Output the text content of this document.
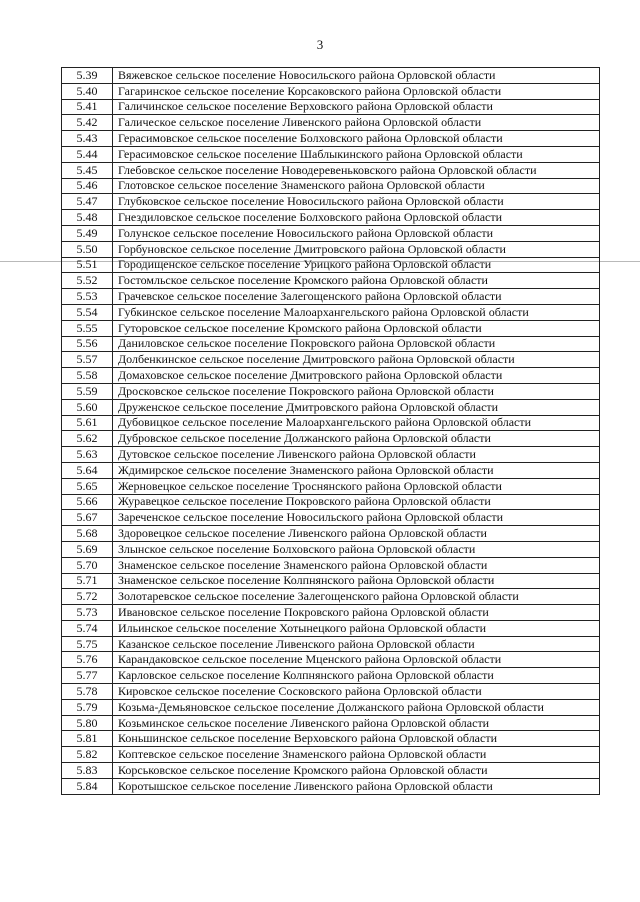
3
5.39	Вяжевское сельское поселение Новосильского района Орловской области
5.40	Гагаринское сельское поселение Корсаковского района Орловской области
5.41	Галичинское сельское поселение Верховского района Орловской области
5.42	Галическое сельское поселение Ливенского района Орловской области
5.43	Герасимовское сельское поселение Болховского района Орловской области
5.44	Герасимовское сельское поселение Шаблыкинского района Орловской области
5.45	Глебовское сельское поселение Новодеревеньковского района Орловской области
5.46	Глотовское сельское поселение Знаменского района Орловской области
5.47	Глубковское сельское поселение Новосильского района Орловской области
5.48	Гнездиловское сельское поселение Болховского района Орловской области
5.49	Голунское сельское поселение Новосильского района Орловской области
5.50	Горбуновское сельское поселение Дмитровского района Орловской области
5.51	Городищенское сельское поселение Урицкого района Орловской области
5.52	Гостомльское сельское поселение Кромского района Орловской области
5.53	Грачевское сельское поселение Залегощенского района Орловской области
5.54	Губкинское сельское поселение Малоархангельского района Орловской области
5.55	Гуторовское сельское поселение Кромского района Орловской области
5.56	Даниловское сельское поселение Покровского района Орловской области
5.57	Долбенкинское сельское поселение Дмитровского района Орловской области
5.58	Домаховское сельское поселение Дмитровского района Орловской области
5.59	Дросковское сельское поселение Покровского района Орловской области
5.60	Друженское сельское поселение Дмитровского района Орловской области
5.61	Дубовицкое сельское поселение Малоархангельского района Орловской области
5.62	Дубровское сельское поселение Должанского района Орловской области
5.63	Дутовское сельское поселение Ливенского района Орловской области
5.64	Ждимирское сельское поселение Знаменского района Орловской области
5.65	Жерновецкое сельское поселение Троснянского района Орловской области
5.66	Журавецкое сельское поселение Покровского района Орловской области
5.67	Зареченское сельское поселение Новосильского района Орловской области
5.68	Здоровецкое сельское поселение Ливенского района Орловской области
5.69	Злынское сельское поселение Болховского района Орловской области
5.70	Знаменское сельское поселение Знаменского района Орловской области
5.71	Знаменское сельское поселение Колпнянского района Орловской области
5.72	Золотаревское сельское поселение Залегощенского района Орловской области
5.73	Ивановское сельское поселение Покровского района Орловской области
5.74	Ильинское сельское поселение Хотынецкого района Орловской области
5.75	Казанское сельское поселение Ливенского района Орловской области
5.76	Карандаковское сельское поселение Мценского района Орловской области
5.77	Карловское сельское поселение Колпнянского района Орловской области
5.78	Кировское сельское поселение Сосковского района Орловской области
5.79	Козьма-Демьяновское сельское поселение Должанского района Орловской области
5.80	Козьминское сельское поселение Ливенского района Орловской области
5.81	Коньшинское сельское поселение Верховского района Орловской области
5.82	Коптевское сельское поселение Знаменского района Орловской области
5.83	Корськовское сельское поселение Кромского района Орловской области
5.84	Коротышское сельское поселение Ливенского района Орловской области
